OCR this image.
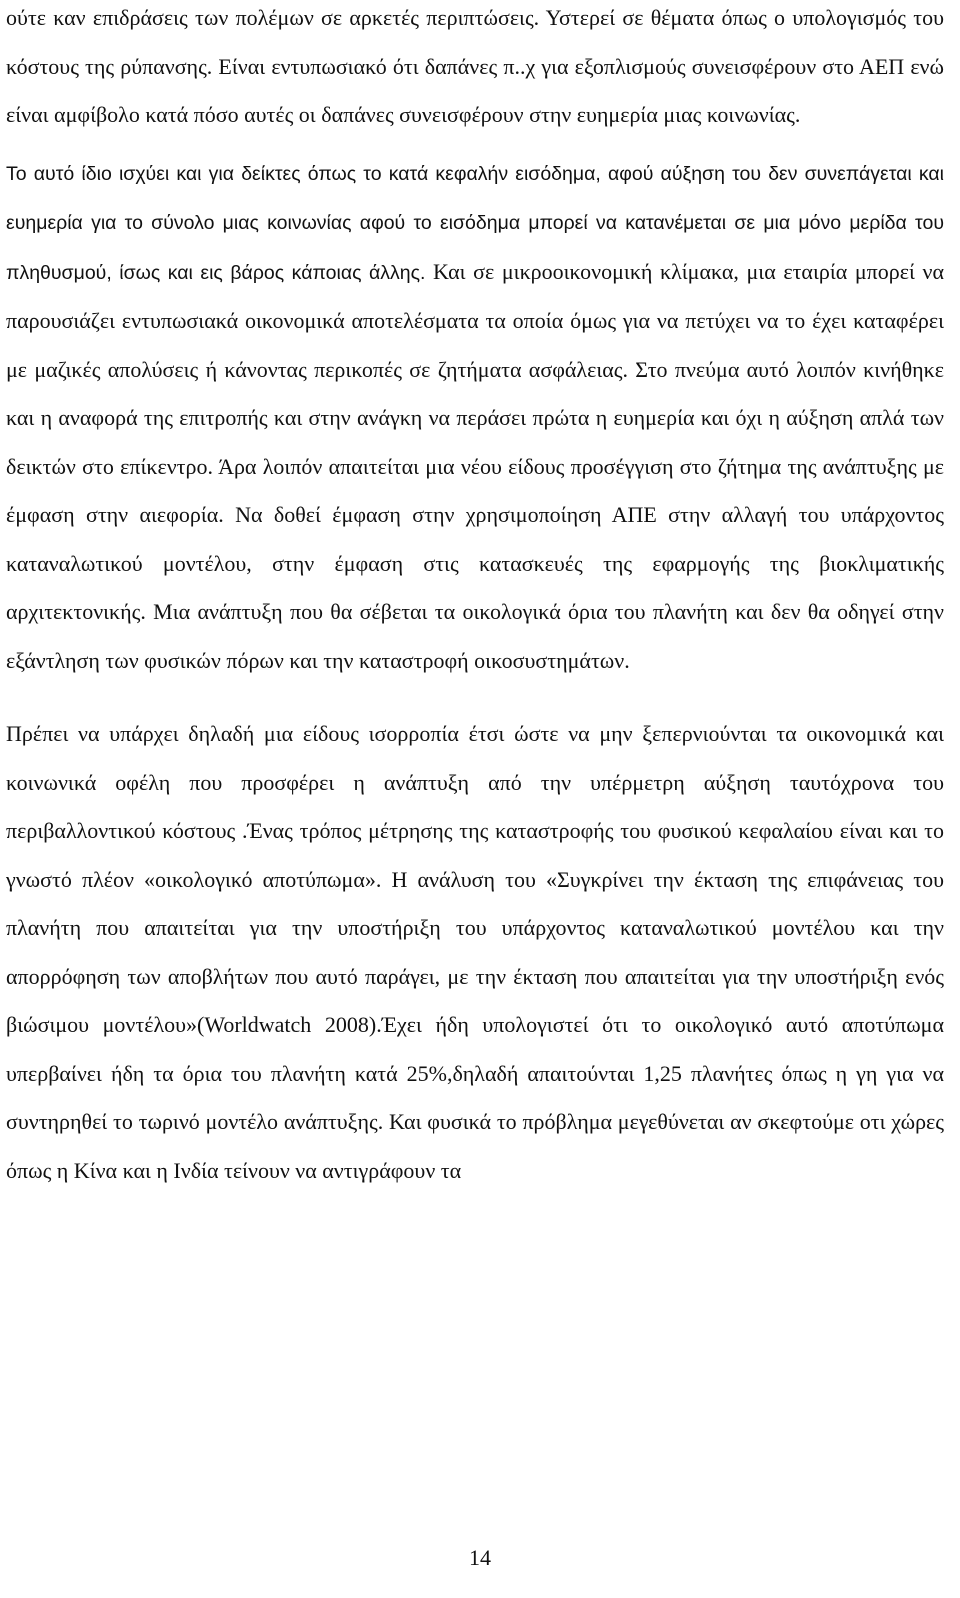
ούτε καν επιδράσεις των πολέμων σε αρκετές περιπτώσεις. Υστερεί σε θέματα όπως ο υπολογισμός του κόστους της ρύπανσης. Είναι εντυπωσιακό ότι δαπάνες π..χ για εξοπλισμούς συνεισφέρουν στο ΑΕΠ ενώ είναι αμφίβολο κατά πόσο αυτές οι δαπάνες συνεισφέρουν στην ευημερία μιας κοινωνίας.

Το αυτό ίδιο ισχύει και για δείκτες όπως το κατά κεφαλήν εισόδημα, αφού αύξηση του δεν συνεπάγεται και ευημερία για το σύνολο μιας κοινωνίας αφού το εισόδημα μπορεί να κατανέμεται σε μια μόνο μερίδα του πληθυσμού, ίσως και εις βάρος κάποιας άλλης. Και σε μικροοικονομική κλίμακα, μια εταιρία μπορεί να παρουσιάζει εντυπωσιακά οικονομικά αποτελέσματα τα οποία όμως για να πετύχει να το έχει καταφέρει με μαζικές απολύσεις ή κάνοντας περικοπές σε ζητήματα ασφάλειας. Στο πνεύμα αυτό λοιπόν κινήθηκε και η αναφορά της επιτροπής και στην ανάγκη να περάσει πρώτα η ευημερία και όχι η αύξηση απλά των δεικτών στο επίκεντρο. Άρα λοιπόν απαιτείται μια νέου είδους προσέγγιση στο ζήτημα της ανάπτυξης με έμφαση στην αιεφορία. Να δοθεί έμφαση στην χρησιμοποίηση ΑΠΕ στην αλλαγή του υπάρχοντος καταναλωτικού μοντέλου, στην έμφαση στις κατασκευές της εφαρμογής της βιοκλιματικής αρχιτεκτονικής. Μια ανάπτυξη που θα σέβεται τα οικολογικά όρια του πλανήτη και δεν θα οδηγεί στην εξάντληση των φυσικών πόρων και την καταστροφή οικοσυστημάτων.

Πρέπει να υπάρχει δηλαδή μια είδους ισορροπία έτσι ώστε να μην ξεπερνιούνται τα οικονομικά και κοινωνικά οφέλη που προσφέρει η ανάπτυξη από την υπέρμετρη αύξηση ταυτόχρονα του περιβαλλοντικού κόστους .Ένας τρόπος μέτρησης της καταστροφής του φυσικού κεφαλαίου είναι και το γνωστό πλέον «οικολογικό αποτύπωμα». Η ανάλυση του «Συγκρίνει την έκταση της επιφάνειας του πλανήτη που απαιτείται για την υποστήριξη του υπάρχοντος καταναλωτικού μοντέλου και την απορρόφηση των αποβλήτων που αυτό παράγει, με την έκταση που απαιτείται για την υποστήριξη ενός βιώσιμου μοντέλου»(Worldwatch 2008).Έχει ήδη υπολογιστεί ότι το οικολογικό αυτό αποτύπωμα υπερβαίνει ήδη τα όρια του πλανήτη κατά 25%,δηλαδή απαιτούνται 1,25 πλανήτες όπως η γη για να συντηρηθεί το τωρινό μοντέλο ανάπτυξης. Και φυσικά το πρόβλημα μεγεθύνεται αν σκεφτούμε οτι χώρες όπως η Κίνα και η Ινδία τείνουν να αντιγράφουν τα

14
